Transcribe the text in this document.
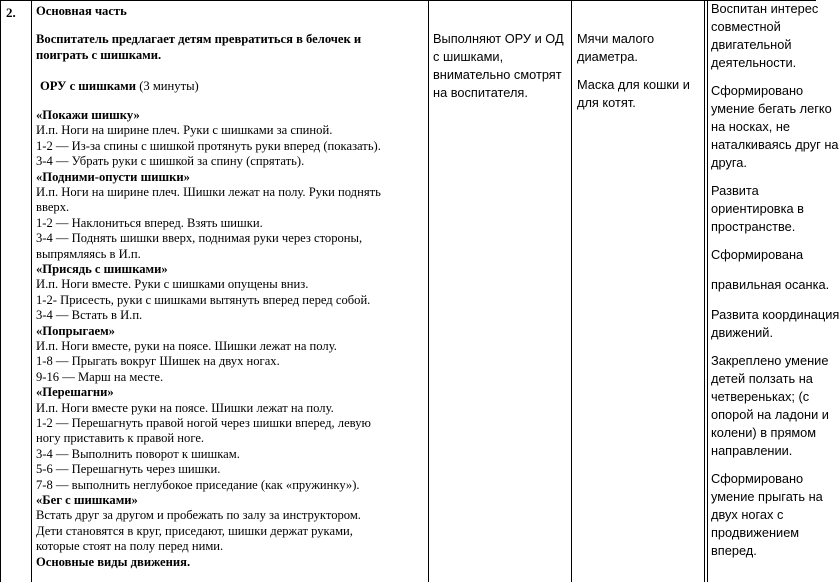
2. Основная часть
Воспитатель предлагает детям превратиться в белочек и
поиграть с шишками.
ОРУ с шишками (3 минуты)
«Покажи шишку»
И.п. Ноги на ширине плеч. Руки с шишками за спиной.
1-2 — Из-за спины с шишкой протянуть руки вперед (показать).
3-4 — Убрать руки с шишкой за спину (спрятать).
«Подними-опусти шишки»
И.п. Ноги на ширине плеч. Шишки лежат на полу. Руки поднять
вверх.
1-2 — Наклониться вперед. Взять шишки.
3-4 — Поднять шишки вверх, поднимая руки через стороны,
выпрямляясь в И.п.
«Присядь с шишками»
И.п. Ноги вместе. Руки с шишками опущены вниз.
1-2- Присесть, руки с шишками вытянуть вперед перед собой.
3-4 — Встать в И.п.
«Попрыгаем»
И.п. Ноги вместе, руки на поясе. Шишки лежат на полу.
1-8 — Прыгать вокруг Шишек на двух ногах.
9-16 — Марш на месте.
«Перешагни»
И.п. Ноги вместе руки на поясе. Шишки лежат на полу.
1-2 — Перешагнуть правой ногой через шишки вперед, левую
ногу приставить к правой ноге.
3-4 — Выполнить поворот к шишкам.
5-6 — Перешагнуть через шишки.
7-8 — выполнить неглубокое приседание (как «пружинку»).
«Бег с шишками»
Встать друг за другом и пробежать по залу за инструктором.
Дети становятся в круг, приседают, шишки держат руками,
которые стоят на полу перед ними.
Основные виды движения.
Выполняют ОРУ и ОД с шишками, внимательно смотрят на воспитателя.

Мячи малого диаметра.

Маска для кошки и для котят.

Воспитан интерес
совместной
двигательной
деятельности.
Сформировано
умение бегать легко
на носках, не
наталкиваясь друг на
друга.
Развита
ориентировка в
пространстве.
Сформирована
правильная осанка.
Развита координация
движений.
Закреплено умение
детей ползать на
четвереньках; (с
опорой на ладони и
колени) в прямом
направлении.
Сформировано
умение прыгать на
двух ногах с
продвижением
вперед.
